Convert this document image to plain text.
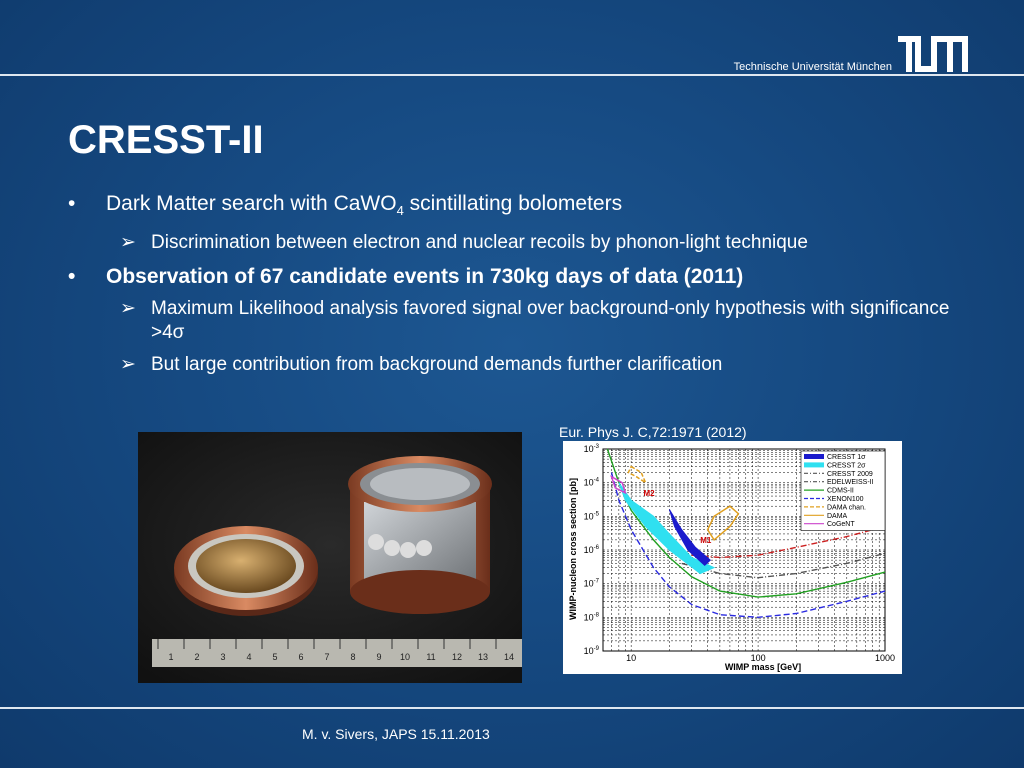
Technische Universität München
CRESST-II
• Dark Matter search with CaWO$_4$ scintillating bolometers
➢ Discrimination between electron and nuclear recoils by phonon-light technique
• Observation of 67 candidate events in 730kg days of data (2011)
➢ Maximum Likelihood analysis favored signal over background-only hypothesis with significance >4σ
➢ But large contribution from background demands further clarification
Eur. Phys J. C,72:1971 (2012)
1 2 3 4 5 6 7 8 9 10 11 12 13 14
$10^{-3}$
$10^{-4}$
$10^{-5}$
$10^{-6}$
$10^{-7}$
$10^{-8}$
$10^{-9}$
10	100	1000
M2
M1
CRESST 1σ
CRESST 2σ
CRESST 2009
EDELWEISS-II
CDMS-II
XENON100
DAMA chan.
DAMA
CoGeNT
WIMP-nucleon cross section [pb]
WIMP mass [GeV]
M. v. Sivers, JAPS 15.11.2013
